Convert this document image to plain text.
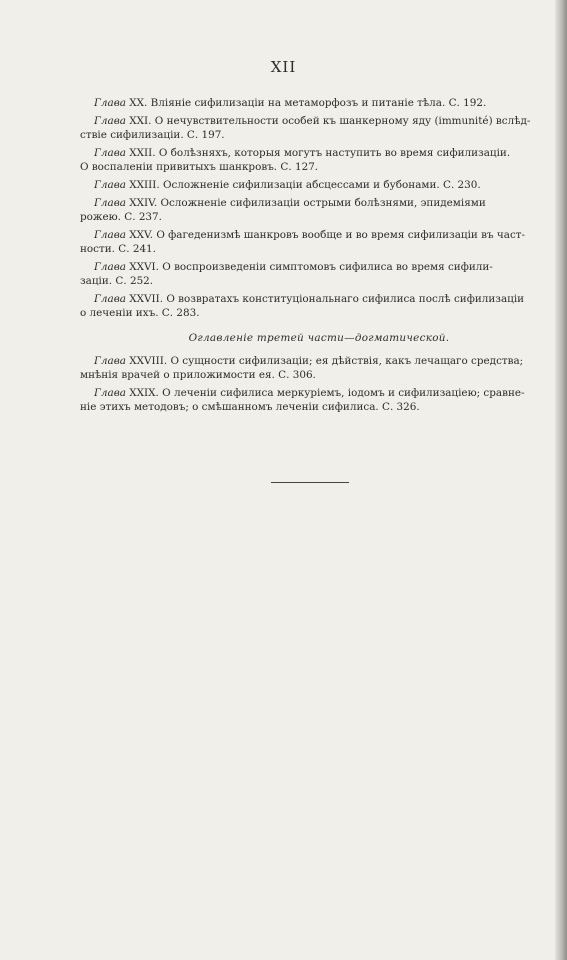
XII
Глава XX. Вліяніе сифилизаціи на метаморфозъ и питаніе тѣла. С. 192.
Глава XXI. О нечувствительности особей къ шанкерному яду (immunité) вслѣд-
ствіе сифилизаціи. С. 197.
Глава XXII. О болѣзняхъ, которыя могутъ наступить во время сифилизаціи.
О воспаленіи привитыхъ шанкровъ. С. 127.
Глава XXIII. Осложненіе сифилизаціи абсцессами и бубонами. С. 230.
Глава XXIV. Осложненіе сифилизаціи острыми болѣзнями, эпидеміями
рожею. С. 237.
Глава XXV. О фагеденизмѣ шанкровъ вообще и во время сифилизаціи въ част-
ности. С. 241.
Глава XXVI. О воспроизведеніи симптомовъ сифилиса во время сифили-
заціи. С. 252.
Глава XXVII. О возвратахъ конституціональнаго сифилиса послѣ сифилизаціи
о леченіи ихъ. С. 283.
Оглавленіе третей части—догматической.
Глава XXVIII. О сущности сифилизаціи; ея дѣйствія, какъ лечащаго средства;
мнѣнія врачей о приложимости ея. С. 306.
Глава XXIX. О леченіи сифилиса меркуріемъ, іодомъ и сифилизаціею; сравне-
ніе этихъ методовъ; о смѣшанномъ леченіи сифилиса. С. 326.
